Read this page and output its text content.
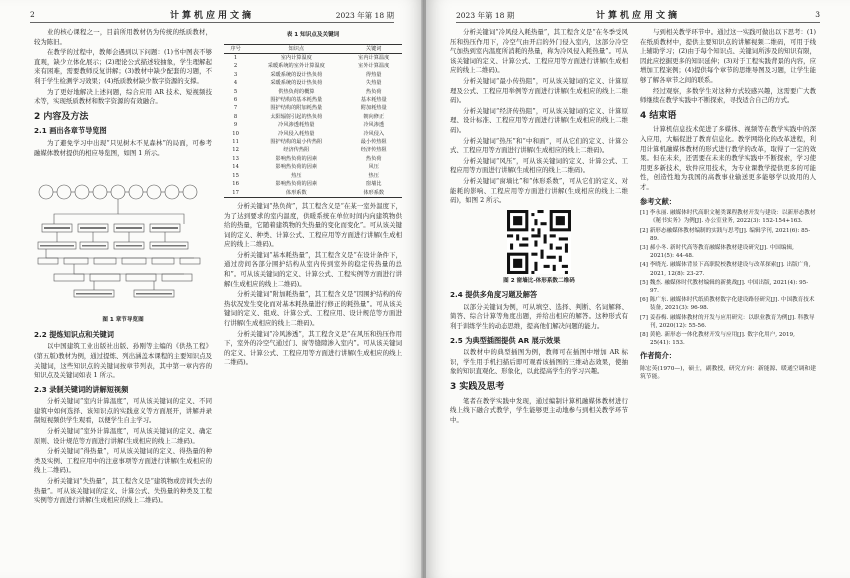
2	计算机应用文摘	2023 年第 18 期

业的核心课程之一，目前所用教材仍为传统的纸质教材，较为陈旧。

在教学的过程中，教师会遇到以下问题：(1)书中图表不够直观，缺少立体化展示；(2)理论公式描述较抽象，学生理解起来有困难，需要教师反复讲解；(3)教材中缺少配套的习题，不利于学生检测学习效果；(4)纸质教材缺少数字资源的支撑。

为了更好地解决上述问题，综合应用 AR 技术、短视频技术等，实现纸质教材和数字资源的有效融合。

2 内容及方法
2.1 画出各章节导览图

为了避免学习中出现“只见树木不见森林”的局面，可参考融媒体教材提供的相应导览图，如图 1 所示。

图 1 章节导览图
2.2 提炼知识点和关键词

以中国建筑工业出版社出版、孙刚等主编的《供热工程》(第五版)教材为例，通过提炼、列出涵盖本课程的主要知识点及关键词，这些知识点的关键词按章节列表，其中第一章内容的知识点及关键词如表 1 所示。

2.3 录制关键词的讲解短视频

分析关键词“室内计算温度”，可从该关键词的定义、不同建筑中如何选择、该知识点的实践意义等方面展开，讲解并录制短视频供学生观看，以便学生自主学习。

分析关键词“室外计算温度”，可从该关键词的定义、确定原则、设计规范等方面进行讲解(生成相应的线上二维码)。

分析关键词“得热量”，可从该关键词的定义、得热量的种类及实例、工程应用中的注意事项等方面进行讲解(生成相应的线上二维码)。

分析关键词“失热量”，其工程含义是“建筑物或房间失去的热量”。可从该关键词的定义、计算公式、失热量的种类及工程实例等方面进行讲解(生成相应的线上二维码)。

表 1 知识点及关键词
序号	知识点	关键词
1	室内计算温度	室内计算温度
2	采暖系统的室外计算温度	室外计算温度
3	采暖系统的设计热负荷	得热量
4	采暖系统的设计热负荷	失热量
5	供热负荷的概算	热负荷
6	围护结构的基本耗热量	基本耗热量
7	围护结构的附加耗热量	附加耗热量
8	太阳辐射引起的热负荷	朝向修正
9	冷风渗透耗热量	冷风渗透
10	冷风侵入耗热量	冷风侵入
11	围护结构的最小传热阻	最小传热阻
12	经济传热阻	经济传热阻
13	影响热负荷的因素	热负荷
14	影响热负荷的因素	风压
15	热压	热压
16	影响热负荷的因素	窗墙比
17	体形系数	体形系数

分析关键词“热负荷”，其工程含义是“在某一室外温度下，为了达到要求的室内温度，供暖系统在单位时间内向建筑物供给的热量，它随着建筑物的失热量的变化而变化”。可从该关键词的定义、种类、计算公式、工程应用等方面进行讲解(生成相应的线上二维码)。

分析关键词“基本耗热量”，其工程含义是“在设计条件下，通过房间各部分围护结构从室内传到室外的稳定传热量的总和”。可从该关键词的定义、计算公式、工程实例等方面进行讲解(生成相应的线上二维码)。

分析关键词“附加耗热量”，其工程含义是“因围护结构的传热状况发生变化而对基本耗热量进行修正的耗热量”。可从该关键词的定义、组成、计算公式、工程应用、设计规范等方面进行讲解(生成相应的线上二维码)。

分析关键词“冷风渗透”，其工程含义是“在风压和热压作用下，室外的冷空气通过门、窗等缝隙渗入室内”。可从该关键词的定义、计算公式、工程应用等方面进行讲解(生成相应的线上二维码)。

2023 年第 18 期	计算机应用文摘	3

分析关键词“冷风侵入耗热量”，其工程含义是“在冬季受风压和热压作用下，冷空气由开启的外门侵入室内，这部分冷空气加热到室内温度所消耗的热量，称为冷风侵入耗热量”。可从该关键词的定义、计算公式、工程应用等方面进行讲解(生成相应的线上二维码)。

分析关键词“最小传热阻”，可从该关键词的定义、计算原理及公式、工程应用举例等方面进行讲解(生成相应的线上二维码)。

分析关键词“经济传热阻”，可从该关键词的定义、计算原理、设计标准、工程应用等方面进行讲解(生成相应的线上二维码)。

分析关键词“热压”和“中和面”，可从它们的定义、计算公式、工程应用等方面进行讲解(生成相应的线上二维码)。

分析关键词“风压”，可从该关键词的定义、计算公式、工程应用等方面进行讲解(生成相应的线上二维码)。

分析关键词“窗墙比”和“体形系数”，可从它们的定义、对能耗的影响、工程应用等方面进行讲解(生成相应的线上二维码)，如图 2 所示。

图 2 窗墙比-体形系数二维码
2.4 提供多角度习题及解答

以部分关键词为例，可从填空、选择、判断、名词解释、简答、综合计算等角度出题，并给出相应的解答。这种形式有利于训练学生的动态思维，提高他们解决问题的能力。

2.5 为典型插图提供 AR 展示效果

以教材中的典型插图为例，教师可在插图中增加 AR 标识，学生用手机扫描后即可观看该插图的三维动态效果，使抽象的知识直观化、形象化，以此提高学生的学习兴趣。

3 实践及思考

笔者在教学实践中发现，通过编制计算机融媒体教材进行线上线下融合式教学，学生能够更主动地参与到相关教学环节中。

与到相关教学环节中。通过这一实践可做出以下思考：(1)在纸质教材中，提供主要知识点的讲解视频二维码，可用于线上辅助学习；(2)由于每个知识点、关键词所涉及的知识有限，因此应挖掘更多的知识延伸；(3)对于工程实践背景的内容，应增加工程案例；(4)提供每个章节的思维导图及习题，让学生能够了解各章节之间的联系。

经过观察，多数学生对这种方式较感兴趣，这需要广大教师继续在教学实践中不断探索，寻找适合自己的方式。

4 结束语

计算机信息技术促进了多媒体、视频等在教学实践中的深入应用，大幅促进了教育信息化。教学网络化的改革进程，利用计算机融媒体教材的形式进行教学的改革，取得了一定的效果。但在未来，还需要在未来的教学实践中不断探索，学习使用更多新技术，软件应用技术，为专业课教学提供更多的可能性，创造性地为我国的高教事业输送更多能够学以致用的人才。

参考文献：
[1] 李永丽. 融媒体时代高职文秘类课程教材开发与建设：以新形态教材《秘书实务》为例[J]. 办公室业务, 2022(3): 152-154+163.
[2] 新形态融媒体教材编制的实践与思考[J]. 编辑学刊, 2021(6): 85-89.
[3] 郝小冬. 新时代高等教育融媒体教材建设研究[J]. 中国编辑, 2021(5): 44-48.
[4] 李晓光. 融媒体背景下高职院校教材建设与改革探索[J]. 出版广角, 2021, 12(8): 23-27.
[5] 魏杰. 融媒体时代教材编辑的新挑战[J]. 中国出版, 2021(4): 95-97.
[6] 陈广东. 融媒体时代纸质教材数字化建设路径研究[J]. 中国教育技术装备, 2021(3): 96-98.
[7] 姜春梅. 融媒体教材的开发与应用研究：以职业教育为例[J]. 科教导刊, 2020(12): 55-56.
[8] 黄艳. 新形态一体化教材开发与应用[J]. 数字化用户, 2019, 25(41): 153.
作者简介：
陈宏英(1970—)，硕士，副教授，研究方向：新能源、暖通空调和建筑节能。
